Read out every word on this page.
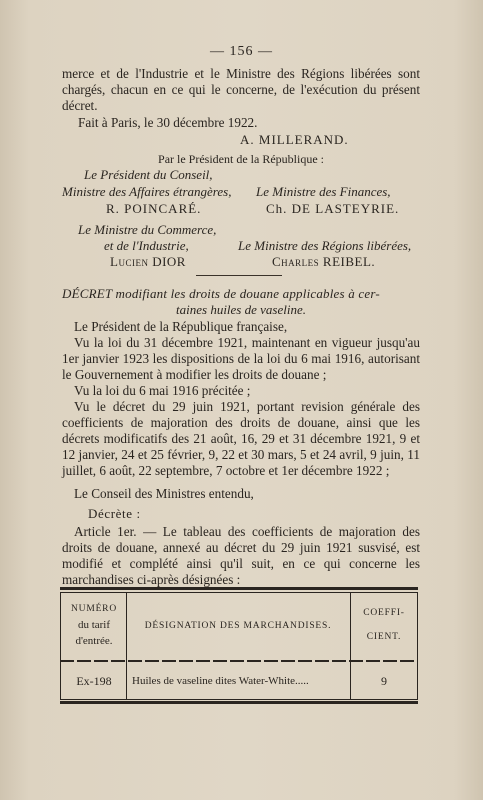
— 156 —
merce et de l'Industrie et le Ministre des Régions libérées sont chargés, chacun en ce qui le concerne, de l'exécution du présent décret.
Fait à Paris, le 30 décembre 1922.
A. MILLERAND.
Par le Président de la République :
Le Président du Conseil,
Ministre des Affaires étrangères,
R. POINCARÉ.
Le Ministre des Finances,
Ch. DE LASTEYRIE.
Le Ministre du Commerce,
et de l'Industrie,
Lucien DIOR
Le Ministre des Régions libérées,
Charles REIBEL.
DÉCRET modifiant les droits de douane applicables à cer-
taines huiles de vaseline.
Le Président de la République française,
Vu la loi du 31 décembre 1921, maintenant en vigueur jusqu'au 1er janvier 1923 les dispositions de la loi du 6 mai 1916, autorisant le Gouvernement à modifier les droits de douane ;
Vu la loi du 6 mai 1916 précitée ;
Vu le décret du 29 juin 1921, portant revision générale des coefficients de majoration des droits de douane, ainsi que les décrets modificatifs des 21 août, 16, 29 et 31 décembre 1921, 9 et 12 janvier, 24 et 25 février, 9, 22 et 30 mars, 5 et 24 avril, 9 juin, 11 juillet, 6 août, 22 septembre, 7 octobre et 1er décembre 1922 ;
Le Conseil des Ministres entendu,
Décrète :
Article 1er. — Le tableau des coefficients de majoration des droits de douane, annexé au décret du 29 juin 1921 susvisé, est modifié et complété ainsi qu'il suit, en ce qui concerne les marchandises ci-après désignées :
NUMÉRO
du tarif
d'entrée.
DÉSIGNATION DES MARCHANDISES.
COEFFI-
CIENT.
Ex-198	Huiles de vaseline dites Water-White.....	9
